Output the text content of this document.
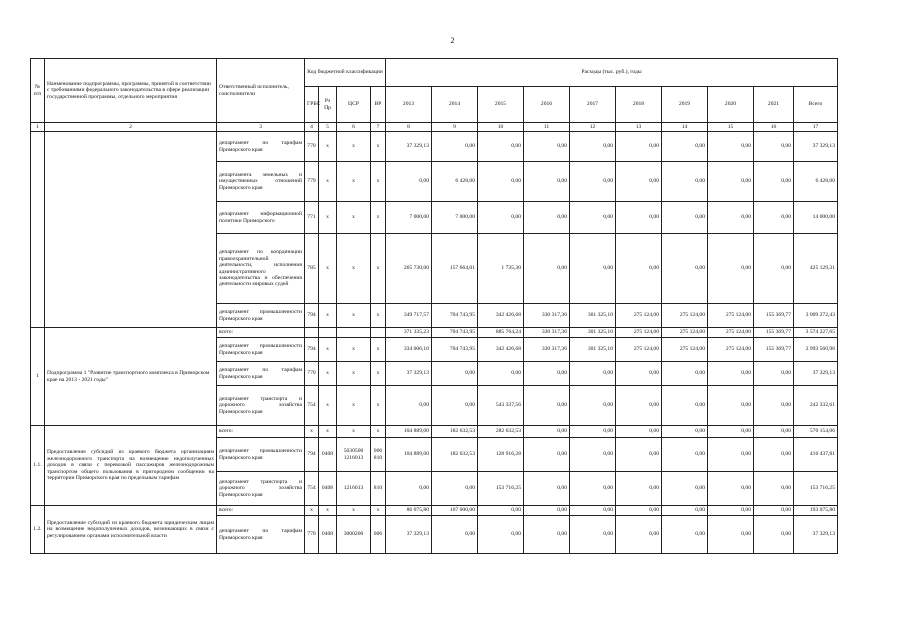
2
№ п/п	Наименование подпрограммы, программы, принятой в соответствии с требованиями федерального законодательства в сфере реализации государственной программы, отдельного мероприятия	Ответственный исполнитель, соисполнители	Код бюджетной классификации				Расходы (тыс. руб.), годы									
			ГРБС	Рз Пр	ЦСР	ВР	2013	2014	2015	2016	2017	2018	2019	2020	2021	Всего
1	2	3	4	5	6	7	8	9	10	11	12	13	14	15	16	17
		департамент по тарифам Приморского края	770	x	x	x	37 329,13	0,00	0,00	0,00	0,00	0,00	0,00	0,00	0,00	37 329,13
		департамента земельных и имущественных отношений Приморского края	779	x	x	x	0,00	6 428,00	0,00	0,00	0,00	0,00	0,00	0,00	0,00	6 428,00
		департамент информационной политики Приморского	771	x	x	x	7 000,00	7 000,00	0,00	0,00	0,00	0,00	0,00	0,00	0,00	14 000,00
		департамент по координации правоохранительной деятельности, исполнения административного законодательства и обеспечения деятельности мировых судей	785	x	x	x	265 730,00	157 664,01	1 735,30	0,00	0,00	0,00	0,00	0,00	0,00	425 129,31
		департамент промышленности Приморского края	794	x	x	x	349 717,57	704 743,95	342 426,68	330 317,36	301 325,10	275 124,00	275 124,00	275 124,00	155 369,77	3 009 272,43
1	Подпрограмма 1 "Развитие транспортного комплекса в Приморском крае на 2013 - 2021 годы"	всего:					371 335,23	704 743,95	885 764,24	330 317,36	301 325,10	275 124,00	275 124,00	275 124,00	155 369,77	3 574 227,65
		департамент промышленности Приморского края	794	x	x	x	334 006,10	704 743,95	342 426,68	330 317,36	301 325,10	275 124,00	275 124,00	275 124,00	155 369,77	2 993 560,96
		департамент по тарифам Приморского края	770	x	x	x	37 329,13	0,00	0,00	0,00	0,00	0,00	0,00	0,00	0,00	37 329,13
		департамент транспорта и дорожного хозяйства Приморского края	754	x	x	x	0,00	0,00	543 337,56	0,00	0,00	0,00	0,00	0,00	0,00	242 332,61
1.1.	Предоставление субсидий из краевого бюджета организациям железнодорожного транспорта на возмещение недополученных доходов в связи с перевозкой пассажиров железнодорожным транспортом общего пользования в пригородном сообщении на территории Приморского края по предельным тарифам	всего:	x	x	x	x	104 889,00	182 632,53	282 632,53	0,00	0,00	0,00	0,00	0,00	0,00	570 154,06
		департамент промышленности Приморского края	794	0408	5030500 1216013	006 810	104 889,00	182 632,53	128 916,28	0,00	0,00	0,00	0,00	0,00	0,00	416 437,81
		департамент транспорта и дорожного хозяйства Приморского края	754	0408	1216013	810	0,00	0,00	153 716,25	0,00	0,00	0,00	0,00	0,00	0,00	153 716,25
1.2.	Предоставление субсидий из краевого бюджета юридическим лицам на возмещение недополученных доходов, возникающих в связи с регулированием органами исполнительной власти	всего:	x	x	x	x	86 075,80	107 000,00	0,00	0,00	0,00	0,00	0,00	0,00	0,00	193 075,80
		департамент по тарифам Приморского края	770	0408	3000200	006	37 329,13	0,00	0,00	0,00	0,00	0,00	0,00	0,00	0,00	37 329,13
